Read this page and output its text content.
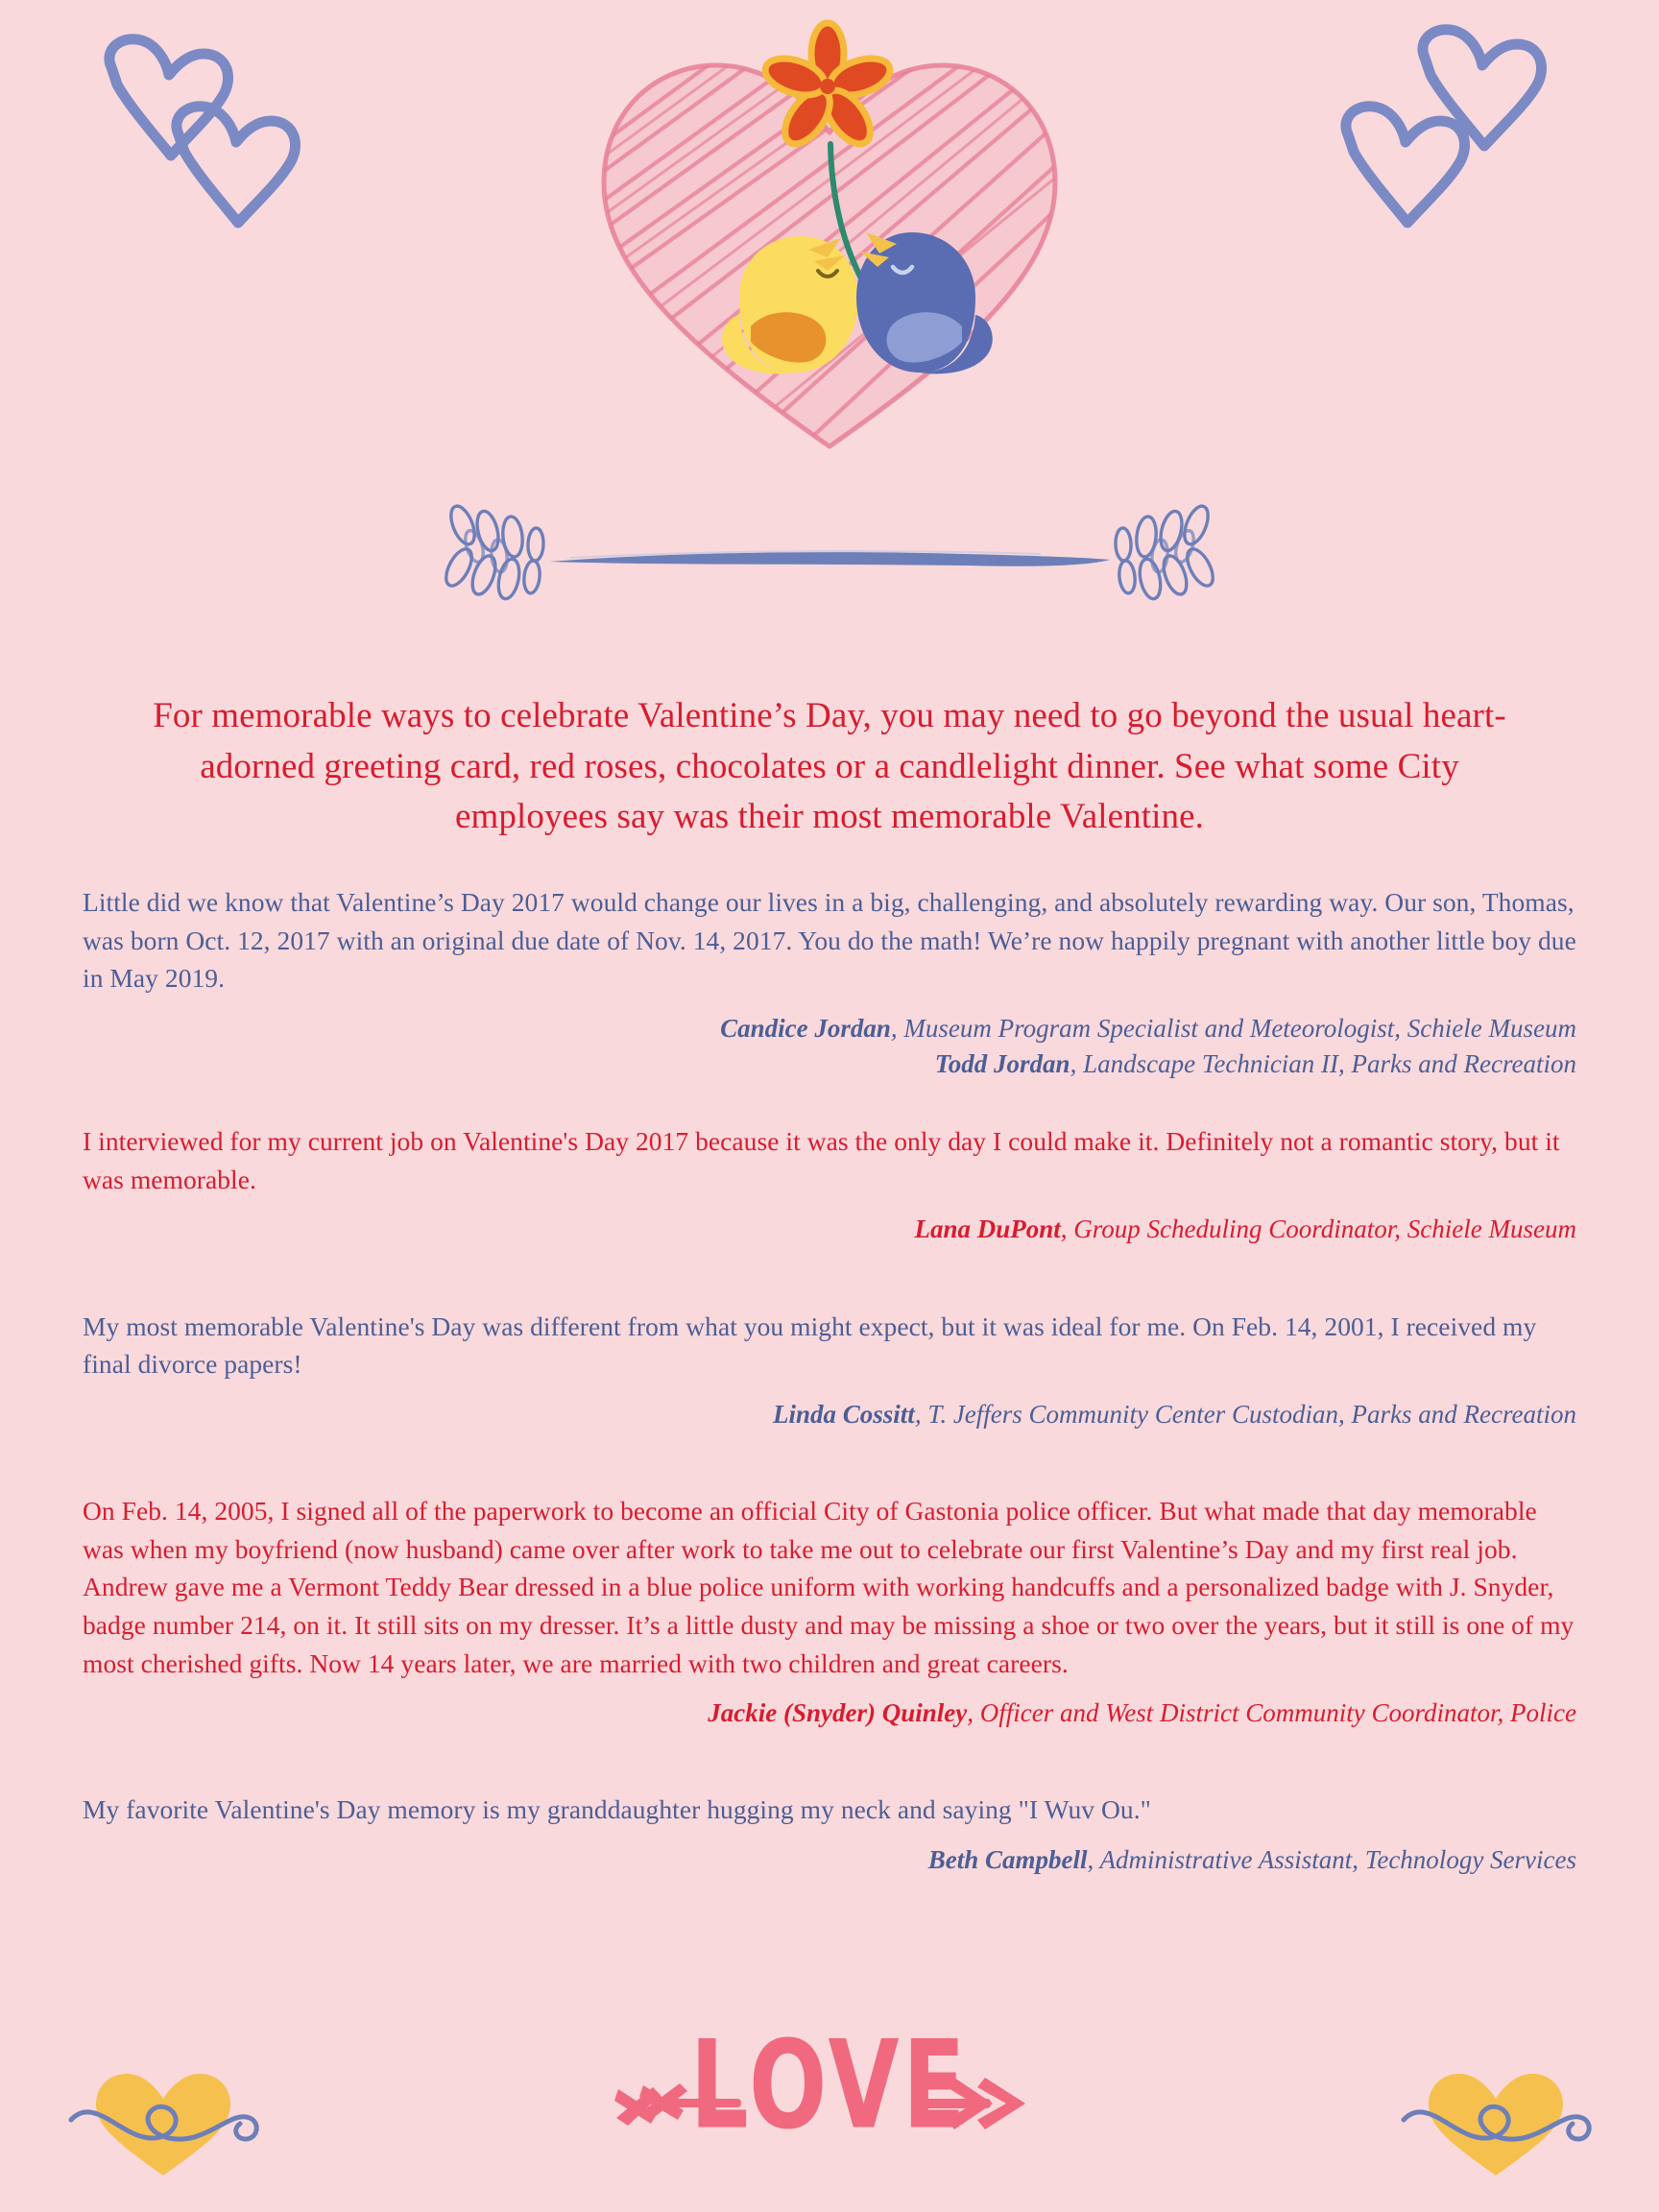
For memorable ways to celebrate Valentine’s Day, you may need to go beyond the usual heart-adorned greeting card, red roses, chocolates or a candlelight dinner. See what some City employees say was their most memorable Valentine.

Little did we know that Valentine’s Day 2017 would change our lives in a big, challenging, and absolutely rewarding way. Our son, Thomas, was born Oct. 12, 2017 with an original due date of Nov. 14, 2017. You do the math! We’re now happily pregnant with another little boy due in May 2019.

Candice Jordan, Museum Program Specialist and Meteorologist, Schiele Museum
Todd Jordan, Landscape Technician II, Parks and Recreation

I interviewed for my current job on Valentine's Day 2017 because it was the only day I could make it. Definitely not a romantic story, but it was memorable.

Lana DuPont, Group Scheduling Coordinator, Schiele Museum

My most memorable Valentine's Day was different from what you might expect, but it was ideal for me. On Feb. 14, 2001, I received my final divorce papers!

Linda Cossitt, T. Jeffers Community Center Custodian, Parks and Recreation

On Feb. 14, 2005, I signed all of the paperwork to become an official City of Gastonia police officer. But what made that day memorable was when my boyfriend (now husband) came over after work to take me out to celebrate our first Valentine’s Day and my first real job. Andrew gave me a Vermont Teddy Bear dressed in a blue police uniform with working handcuffs and a personalized badge with J. Snyder, badge number 214, on it. It still sits on my dresser. It’s a little dusty and may be missing a shoe or two over the years, but it still is one of my most cherished gifts. Now 14 years later, we are married with two children and great careers.

Jackie (Snyder) Quinley, Officer and West District Community Coordinator, Police

My favorite Valentine's Day memory is my granddaughter hugging my neck and saying "I Wuv Ou."

Beth Campbell, Administrative Assistant, Technology Services

LOVE
